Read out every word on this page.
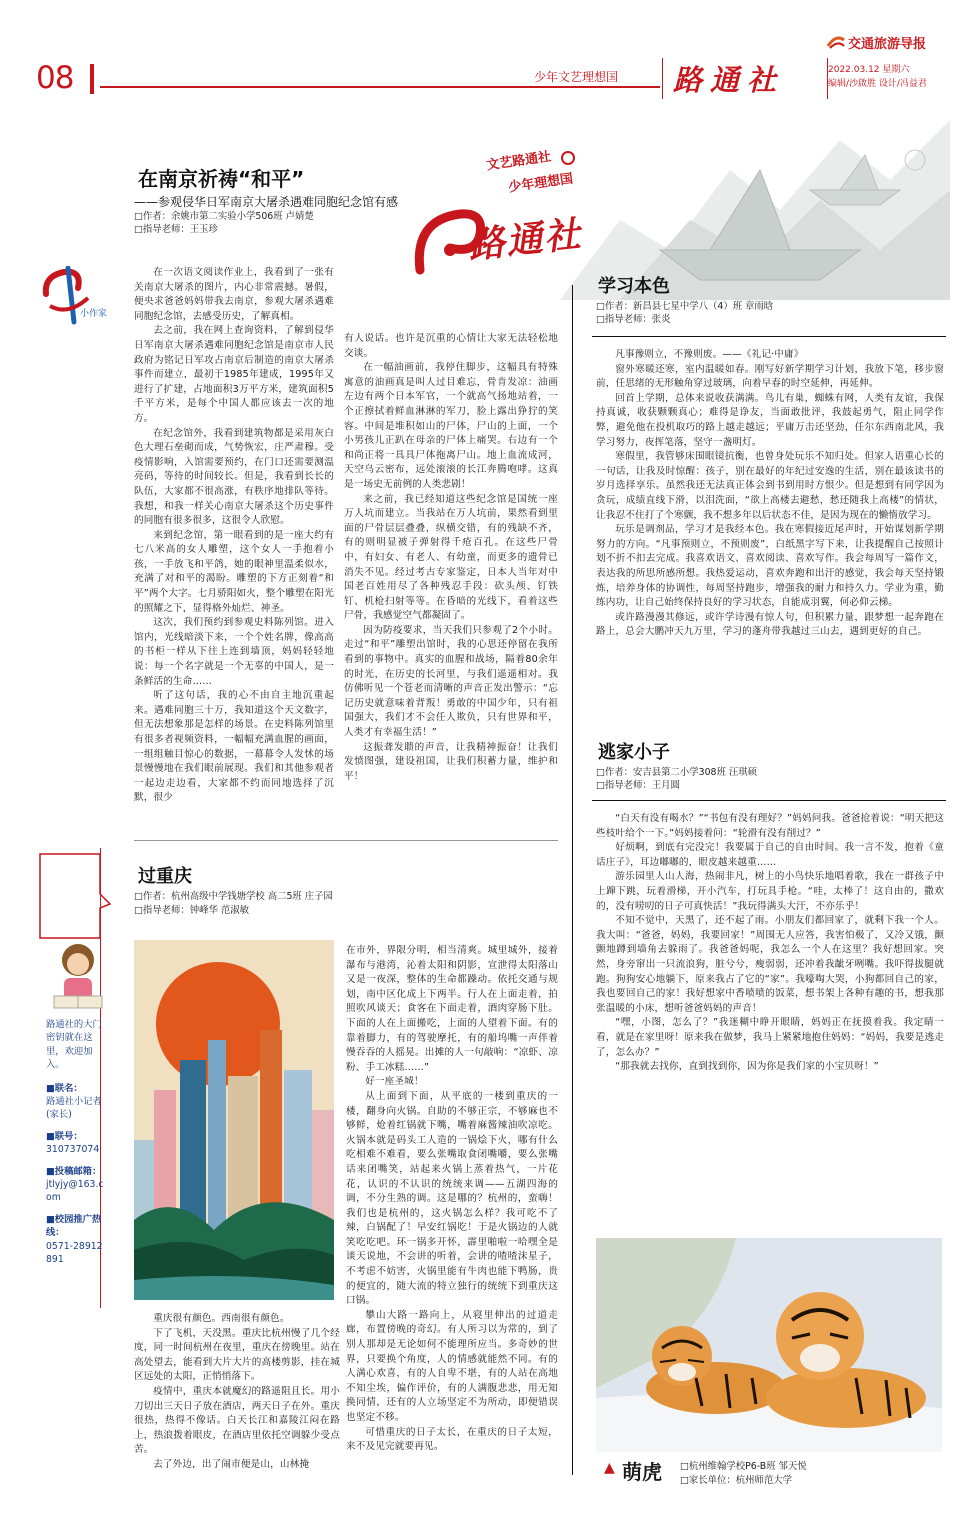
交通旅游导报
08	少年文艺理想国	路通社	2022.03.12 星期六
编辑/沙啟胜 设计/冯益君
文艺路通社
少年理想国
路通社
小作家
在南京祈祷“和平”
——参观侵华日军南京大屠杀遇难同胞纪念馆有感
□作者：余姚市第二实验小学506班 卢婧楚
□指导老师：王玉珍

在一次语文阅读作业上，我看到了一张有关南京大屠杀的图片，内心非常震撼。暑假，便央求爸爸妈妈带我去南京，参观大屠杀遇难同胞纪念馆，去感受历史，了解真相。

去之前，我在网上查询资料，了解到侵华日军南京大屠杀遇难同胞纪念馆是南京市人民政府为铭记日军攻占南京后制造的南京大屠杀事件而建立，最初于1985年建成，1995年又进行了扩建，占地面积3万平方米，建筑面积5千平方米，是每个中国人都应该去一次的地方。

在纪念馆外，我看到建筑物都是采用灰白色大理石垒砌而成，气势恢宏，庄严肃穆。受疫情影响，入馆需要预约，在门口还需要测温亮码，等待的时间较长。但是，我看到长长的队伍，大家都不很高涨，有秩序地排队等待。我想，和我一样关心南京大屠杀这个历史事件的同胞有很多很多，这很令人欣慰。

来到纪念馆，第一眼看到的是一座大约有七八米高的女人雕塑，这个女人一手抱着小孩，一手放飞和平鸽，她的眼神里温柔似水，充满了对和平的渴盼。雕塑的下方正刻着“和平”两个大字。七月骄阳如火，整个雕塑在阳光的照耀之下，显得格外灿烂、神圣。

这次，我们预约到参观史料陈列馆。进入馆内，光线暗淡下来，一个个姓名牌，像高高的书柜一样从下往上连到墙顶，妈妈轻轻地说：每一个名字就是一个无辜的中国人，是一条鲜活的生命……

听了这句话，我的心不由自主地沉重起来。遇难同胞三十万，我知道这个天文数字，但无法想象那是怎样的场景。在史料陈列馆里有很多者视频资料，一幅幅充满血腥的画面，一组组触目惊心的数据，一幕幕令人发怵的场景慢慢地在我们眼前展现。我们和其他参观者一起边走边看，大家都不约而同地选择了沉默，很少

有人说话。也许是沉重的心情让大家无法轻松地交谈。

在一幅油画前，我停住脚步，这幅具有特殊寓意的油画真是叫人过目难忘，骨肯发凉：油画左边有两个日本军官，一个就高气扬地站着，一个正擦拭着鲜血淋淋的军刀，脸上露出狰狞的笑容。中间是堆积如山的尸体，尸山的上面，一个小男孩儿正趴在母亲的尸体上痛哭。右边有一个和尚正将一具具尸体拖离尸山。地上血流成河，天空乌云密布，远处滚滚的长江奔腾咆哮。这真是一场史无前例的人类悲剧！

来之前，我已经知道这些纪念馆是国统一座万人坑而建立。当我站在万人坑前，果然看到里面的尸骨层层叠叠，纵横交错，有的残缺不齐，有的则明显被子弹射得千疮百孔。在这些尸骨中，有妇女、有老人、有幼童，而更多的遗骨已消失不见。经过考古专家鉴定，日本人当年对中国老百姓用尽了各种残忍手段：砍头颅、钉铁钉、机枪扫射等等。在昏暗的光线下，看着这些尸骨，我感觉空气都凝固了。

因为防疫要求，当天我们只参观了2个小时。走过“和平”雕塑出馆时，我的心思还停留在我所看到的事物中。真实的血腥和战场，隔着80余年的时光，在历史的长河里，与我们遥遥相对。我仿佛听见一个苍老而清晰的声音正发出警示：“忘记历史就意味着背叛！勇敢的中国少年，只有祖国强大，我们才不会任人欺负，只有世界和平，人类才有幸福生活！”

这振聋发聩的声音，让我精神振奋！让我们发愤图强，建设祖国，让我们积蓄力量，维护和平！

路通社的大门密钥就在这里，欢迎加入。
■联名：
路通社小记者(家长)
■联号：
310737074
■投稿邮箱：
jtlyjy@163.com
■校园推广热线：
0571-28912891
学习本色
□作者：新昌县七星中学八（4）班 章雨晗
□指导老师：张炎

凡事豫则立，不豫则废。——《礼记·中庸》

窗外寒暖还寒，室内温暖如春。刚写好新学期学习计划，我放下笔，移步窗前，任思绪的无形触角穿过玻璃，向着早春的时空延伸，再延伸。

回首上学期，总体来说收获满满。鸟儿有巢，蜘蛛有网，人类有友谊，我保持真诚，收获颗颗真心；难得是诤友，当面敢批评，我鼓起勇气，阻止同学作弊，避免他在投机取巧的路上越走越远；平庸万击还坚劲，任尔东西南北风，我学习努力，夜挥笔落，坚守一盏明灯。

寒假里，我管够床围眼镜抗衡，也曾身处玩乐不知归处。但家人语重心长的一句话，让我及时惊醒：孩子，别在最好的年纪过安逸的生活，别在最该读书的岁月选择享乐。虽然我还无法真正体会到书到用时方恨少。但是想到有同学因为贪玩，成绩直线下滑，以泪洗面，“欲上高楼去避愁，愁还随我上高楼”的情状，让我忍不住打了个寒颤，我不想多年以后状态不佳，是因为现在的懒惰放学习。

玩乐是调剂品，学习才是我经本色。我在寒假接近尾声时，开始谋划新学期努力的方向。“凡事预则立，不预则废”，白纸黑字写下来，让我提醒自己按照计划不折不扣去完成。我喜欢语文、喜欢阅读、喜欢写作。我会每周写一篇作文，表达我的所思所感所想。我热爱运动，喜欢奔跑和出汗的感觉，我会每天坚持锻炼，培养身体的协调性，每周坚持跑步，增强我的耐力和持久力。学业为重，勤练内功，让自己始终保持良好的学习状态，自能成羽翼，何必仰云梯。

或许路漫漫其修远，或许学诗漫有惊人句，但积累力量，跟梦想一起奔跑在路上，总会大鹏冲天九万里，学习的蓬舟带我越过三山去，遇到更好的自己。

逃家小子
□作者：安吉县第二小学308班 汪琪硕
□指导老师：王月圆

“白天有没有喝水？”“书包有没有理好？”妈妈问我。爸爸抢着说：“明天把这些枝叶给个一下。”妈妈接着问：“轮滑有没有削过？”

好烦啊，到底有完没完！我要属于自己的自由时间。我一言不发，抱着《童话庄子》，耳边嘟嘟的，眼皮越来越重……

游乐园里人山人海，热闹非凡，树上的小鸟快乐地唱着歌，我在一群孩子中上蹿下跳，玩着滑梯，开小汽车，打玩具手枪。“哇，太棒了！这自由的，撒欢的，没有唠叨的日子可真快活！”我玩得满头大汗，不亦乐乎！

不知不觉中，天黑了，还不起了雨。小朋友们都回家了，就剩下我一个人。我大叫：“爸爸，妈妈，我要回家！”周围无人应答，我害怕极了，又冷又饿，颤颤地蹲到墙角去躲雨了。我爸爸妈呢，我怎么一个人在这里？我好想回家。突然，身旁窜出一只流浪狗，脏兮兮，瘦弱弱，还冲着我龇牙咧嘴。我吓得拔腿就跑。狗狗安心地躺下，原来我占了它的“家”。我嚎啕大哭，小狗都回自己的家，我也要回自己的家！我好想家中香喷喷的饭菜，想书架上各种有趣的书，想我那张温暖的小床，想听爸爸妈妈的声音！

“嘿，小图，怎么了？”我迷糊中睁开眼睛，妈妈正在抚摸着我。我定睛一看，就是在家里呀！原来我在做梦，我马上紧紧地抱住妈妈：“妈妈，我要是逃走了，怎么办？”

“那我就去找你，直到找到你，因为你是我们家的小宝贝呀！”

▲ 萌虎 □杭州维翰学校P6-B班 邹天悦
□家长单位：杭州师范大学
过重庆
□作者：杭州高级中学钱塘学校 高二5班 庄子园
□指导老师：钟峰华 范淑敏

重庆很有颜色。西南很有颜色。

下了飞机，天没黑。重庆比杭州慢了几个经度，同一时间杭州在夜里，重庆在傍晚里。站在高处望去，能看到大片大片的高楼剪影，挂在城区远处的太阳，正悄悄落下。

疫情中，重庆本就魔幻的路遥阻且长。用小刀切出三天日子放在酒店，两天日子在外。重庆很热，热得不像话。白天长江和嘉陵江闷在路上，热浪拨着眼皮，在酒店里依托空调躲少受点苦。

去了外边，出了闹市便是山，山林掩

在市外，界限分明，相当清爽。城里城外，接着瀑布与港湾，沁着太阳和阴影，宣泄得太阳落山又是一夜深，整体的生命都躁动。依托交通与规划，南中区化成上下两半。行人在上面走着，拍照吹风谈天；食客在下面走着，酒肉穿肠下肚。下面的人在上面搬吃，上面的人望着下面。有的靠着脚力，有的驾驶摩托，有的船坞嘴一声伴着慢吞吞的人摇晃。出摊的人一句敲响：“凉虾、凉粉、手工冰糕……”

好一座圣城！

从上面到下面，从平底的一楼到重庆的一楼，翻身向火锅。自助的不够正宗，不够麻也不够鲜，炝着红锅就下嘴，嘴着麻酱辣油吹凉吃。火锅本就是码头工人造的一锅烩下火，哪有什么吃相难不难看，要么张嘴取食闭嘴嚼，要么张嘴话来闭嘴笑，站起来火锅上蒸着热气，一片花花，认识的不认识的统统来调——五湖四海的调，不分生熟的调。这是哪的？杭州的，蛮嗨！我们也是杭州的，这火锅怎么样？我可吃不了辣，白锅配了！早安红锅吃！于是火锅边的人就笑吃吃吧。环一锅多开怀，霹里啪啦一哈嘿全是谈天说地，不会讲的听着，会讲的喳喳沫星子，不考虑不妨害，火锅里能有牛肉也能下鸭肠，贵的便宜的，随大流的特立独行的统统下到重庆这口锅。

攀山大路一路向上，从寝里伸出的过道走廊，布置傍晚的奇幻。有人所习以为常的，到了别人那却是无论如何不能理所应当。多奇妙的世界，只要换个角度，人的情感就能然不同。有的人满心欢喜，有的人自卑不堪，有的人站在高地不知尘埃，偏作评价，有的人满腹悲悲，用无知换同情，还有的人立场坚定不为所动，即便错误也坚定不移。

可惜重庆的日子太长，在重庆的日子太短，来不及见完就要再见。
